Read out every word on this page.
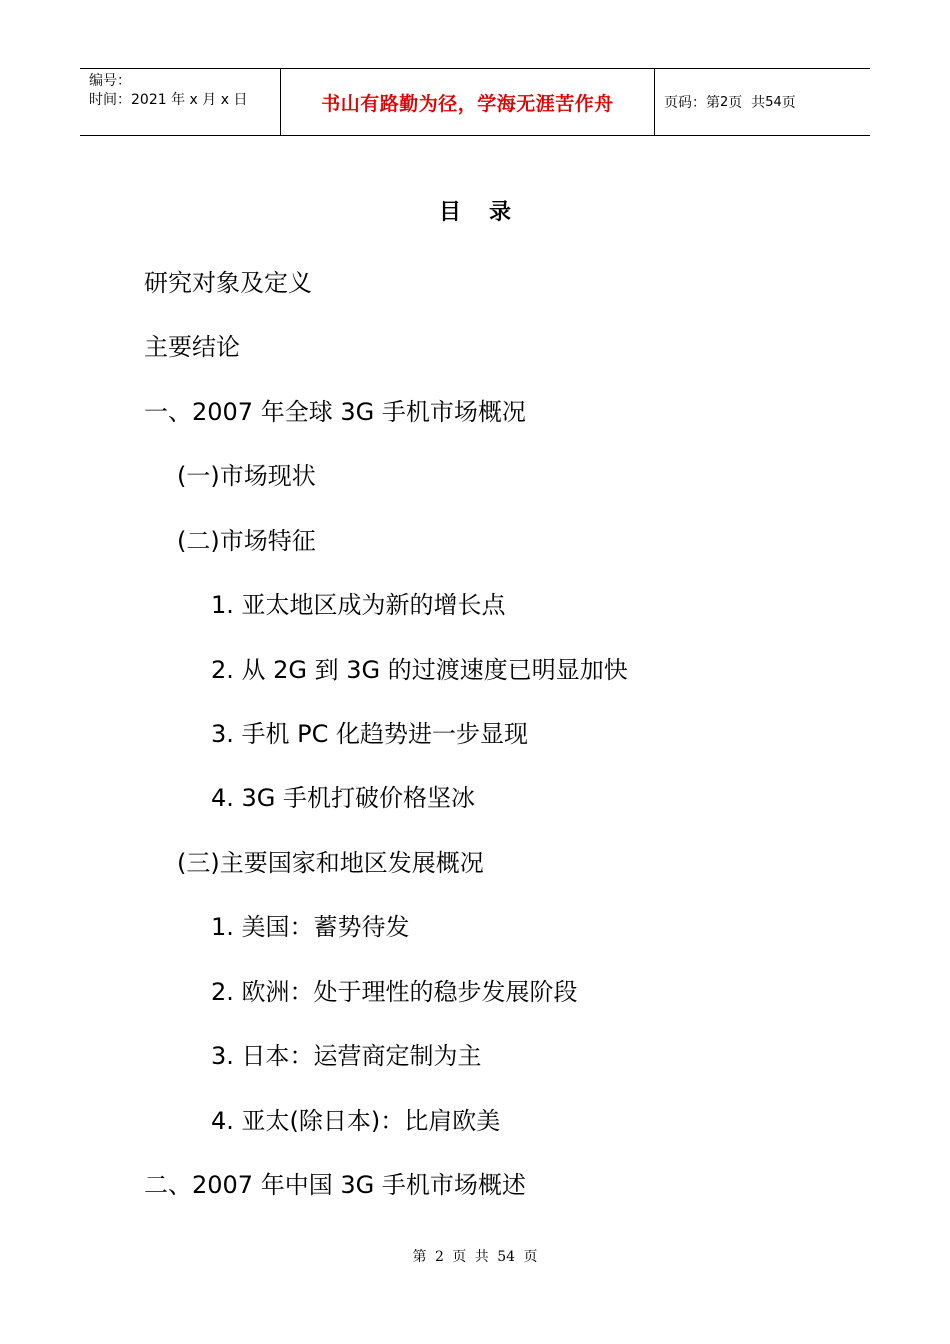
编号：
时间：2021 年 x 月 x 日	书山有路勤为径，学海无涯苦作舟	页码：第 2 页  共 54 页
目录
研究对象及定义
主要结论
一、2007 年全球 3G 手机市场概况
(一)市场现状
(二)市场特征
1. 亚太地区成为新的增长点
2. 从 2G 到 3G 的过渡速度已明显加快
3. 手机 PC 化趋势进一步显现
4. 3G 手机打破价格坚冰
(三)主要国家和地区发展概况
1. 美国：蓄势待发
2. 欧洲：处于理性的稳步发展阶段
3. 日本：运营商定制为主
4. 亚太(除日本)：比肩欧美
二、2007 年中国 3G 手机市场概述
第 2 页 共 54 页
